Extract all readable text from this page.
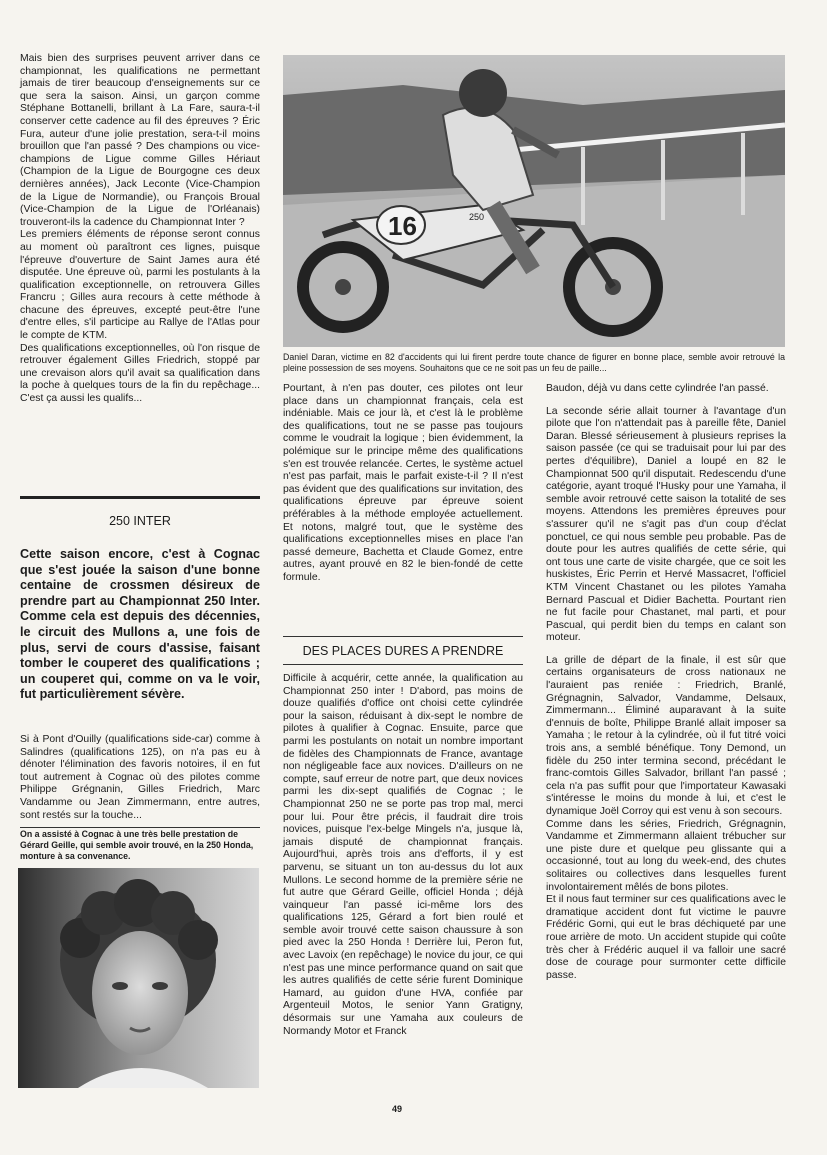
Mais bien des surprises peuvent arriver dans ce championnat, les qualifications ne permettant jamais de tirer beaucoup d'enseignements sur ce que sera la saison. Ainsi, un garçon comme Stéphane Bottanelli, brillant à La Fare, saura-t-il conserver cette cadence au fil des épreuves ? Éric Fura, auteur d'une jolie prestation, sera-t-il moins brouillon que l'an passé ? Des champions ou vice-champions de Ligue comme Gilles Hériaut (Champion de la Ligue de Bourgogne ces deux dernières années), Jack Leconte (Vice-Champion de la Ligue de Normandie), ou François Broual (Vice-Champion de la Ligue de l'Orléanais) trouveront-ils la cadence du Championnat Inter ?

Les premiers éléments de réponse seront connus au moment où paraîtront ces lignes, puisque l'épreuve d'ouverture de Saint James aura été disputée. Une épreuve où, parmi les postulants à la qualification exceptionnelle, on retrouvera Gilles Francru ; Gilles aura recours à cette méthode à chacune des épreuves, excepté peut-être l'une d'entre elles, s'il participe au Rallye de l'Atlas pour le compte de KTM.

Des qualifications exceptionnelles, où l'on risque de retrouver également Gilles Friedrich, stoppé par une crevaison alors qu'il avait sa qualification dans la poche à quelques tours de la fin du repêchage... C'est ça aussi les qualifs...

250 INTER
Cette saison encore, c'est à Cognac que s'est jouée la saison d'une bonne centaine de crossmen désireux de prendre part au Championnat 250 Inter. Comme cela est depuis des décennies, le circuit des Mullons a, une fois de plus, servi de cours d'assise, faisant tomber le couperet des qualifications ; un couperet qui, comme on va le voir, fut particulièrement sévère.

Si à Pont d'Ouilly (qualifications side-car) comme à Salindres (qualifications 125), on n'a pas eu à dénoter l'élimination des favoris notoires, il en fut tout autrement à Cognac où des pilotes comme Philippe Grégnanin, Gilles Friedrich, Marc Vandamme ou Jean Zimmermann, entre autres, sont restés sur la touche...

On a assisté à Cognac à une très belle prestation de Gérard Geille, qui semble avoir trouvé, en la 250 Honda, monture à sa convenance.
16	250
Daniel Daran, victime en 82 d'accidents qui lui firent perdre toute chance de figurer en bonne place, semble avoir retrouvé la pleine possession de ses moyens. Souhaitons que ce ne soit pas un feu de paille...

Pourtant, à n'en pas douter, ces pilotes ont leur place dans un championnat français, cela est indéniable. Mais ce jour là, et c'est là le problème des qualifications, tout ne se passe pas toujours comme le voudrait la logique ; bien évidemment, la polémique sur le principe même des qualifications s'en est trouvée relancée. Certes, le système actuel n'est pas parfait, mais le parfait existe-t-il ? Il n'est pas évident que des qualifications sur invitation, des qualifications épreuve par épreuve soient préférables à la méthode employée actuellement. Et notons, malgré tout, que le système des qualifications exceptionnelles mises en place l'an passé demeure, Bachetta et Claude Gomez, entre autres, ayant prouvé en 82 le bien-fondé de cette formule.

DES PLACES DURES A PRENDRE

Difficile à acquérir, cette année, la qualification au Championnat 250 inter ! D'abord, pas moins de douze qualifiés d'office ont choisi cette cylindrée pour la saison, réduisant à dix-sept le nombre de pilotes à qualifier à Cognac. Ensuite, parce que parmi les postulants on notait un nombre important de fidèles des Championnats de France, avantage non négligeable face aux novices. D'ailleurs on ne compte, sauf erreur de notre part, que deux novices parmi les dix-sept qualifiés de Cognac ; le Championnat 250 ne se porte pas trop mal, merci pour lui. Pour être précis, il faudrait dire trois novices, puisque l'ex-belge Mingels n'a, jusque là, jamais disputé de championnat français. Aujourd'hui, après trois ans d'efforts, il y est parvenu, se situant un ton au-dessus du lot aux Mullons. Le second homme de la première série ne fut autre que Gérard Geille, officiel Honda ; déjà vainqueur l'an passé ici-même lors des qualifications 125, Gérard a fort bien roulé et semble avoir trouvé cette saison chaussure à son pied avec la 250 Honda ! Derrière lui, Peron fut, avec Lavoix (en repêchage) le novice du jour, ce qui n'est pas une mince performance quand on sait que les autres qualifiés de cette série furent Dominique Hamard, au guidon d'une HVA, confiée par Argenteuil Motos, le senior Yann Gratigny, désormais sur une Yamaha aux couleurs de Normandy Motor et Franck

Baudon, déjà vu dans cette cylindrée l'an passé.

La seconde série allait tourner à l'avantage d'un pilote que l'on n'attendait pas à pareille fête, Daniel Daran. Blessé sérieusement à plusieurs reprises la saison passée (ce qui se traduisait pour lui par des pertes d'équilibre), Daniel a loupé en 82 le Championnat 500 qu'il disputait. Redescendu d'une catégorie, ayant troqué l'Husky pour une Yamaha, il semble avoir retrouvé cette saison la totalité de ses moyens. Attendons les premières épreuves pour s'assurer qu'il ne s'agit pas d'un coup d'éclat ponctuel, ce qui nous semble peu probable. Pas de doute pour les autres qualifiés de cette série, qui ont tous une carte de visite chargée, que ce soit les huskistes, Éric Perrin et Hervé Massacret, l'officiel KTM Vincent Chastanet ou les pilotes Yamaha Bernard Pascual et Didier Bachetta. Pourtant rien ne fut facile pour Chastanet, mal parti, et pour Pascual, qui perdit bien du temps en calant son moteur.

La grille de départ de la finale, il est sûr que certains organisateurs de cross nationaux ne l'auraient pas reniée : Friedrich, Branlé, Grégnagnin, Salvador, Vandamme, Delsaux, Zimmermann... Éliminé auparavant à la suite d'ennuis de boîte, Philippe Branlé allait imposer sa Yamaha ; le retour à la cylindrée, où il fut titré voici trois ans, a semblé bénéfique. Tony Demond, un fidèle du 250 inter termina second, précédant le franc-comtois Gilles Salvador, brillant l'an passé ; cela n'a pas suffit pour que l'importateur Kawasaki s'intéresse le moins du monde à lui, et c'est le dynamique Joël Corroy qui est venu à son secours.

Comme dans les séries, Friedrich, Grégnagnin, Vandamme et Zimmermann allaient trébucher sur une piste dure et quelque peu glissante qui a occasionné, tout au long du week-end, des chutes solitaires ou collectives dans lesquelles furent involontairement mêlés de bons pilotes.

Et il nous faut terminer sur ces qualifications avec le dramatique accident dont fut victime le pauvre Frédéric Gorni, qui eut le bras déchiqueté par une roue arrière de moto. Un accident stupide qui coûte très cher à Frédéric auquel il va falloir une sacré dose de courage pour surmonter cette difficile passe.

49
